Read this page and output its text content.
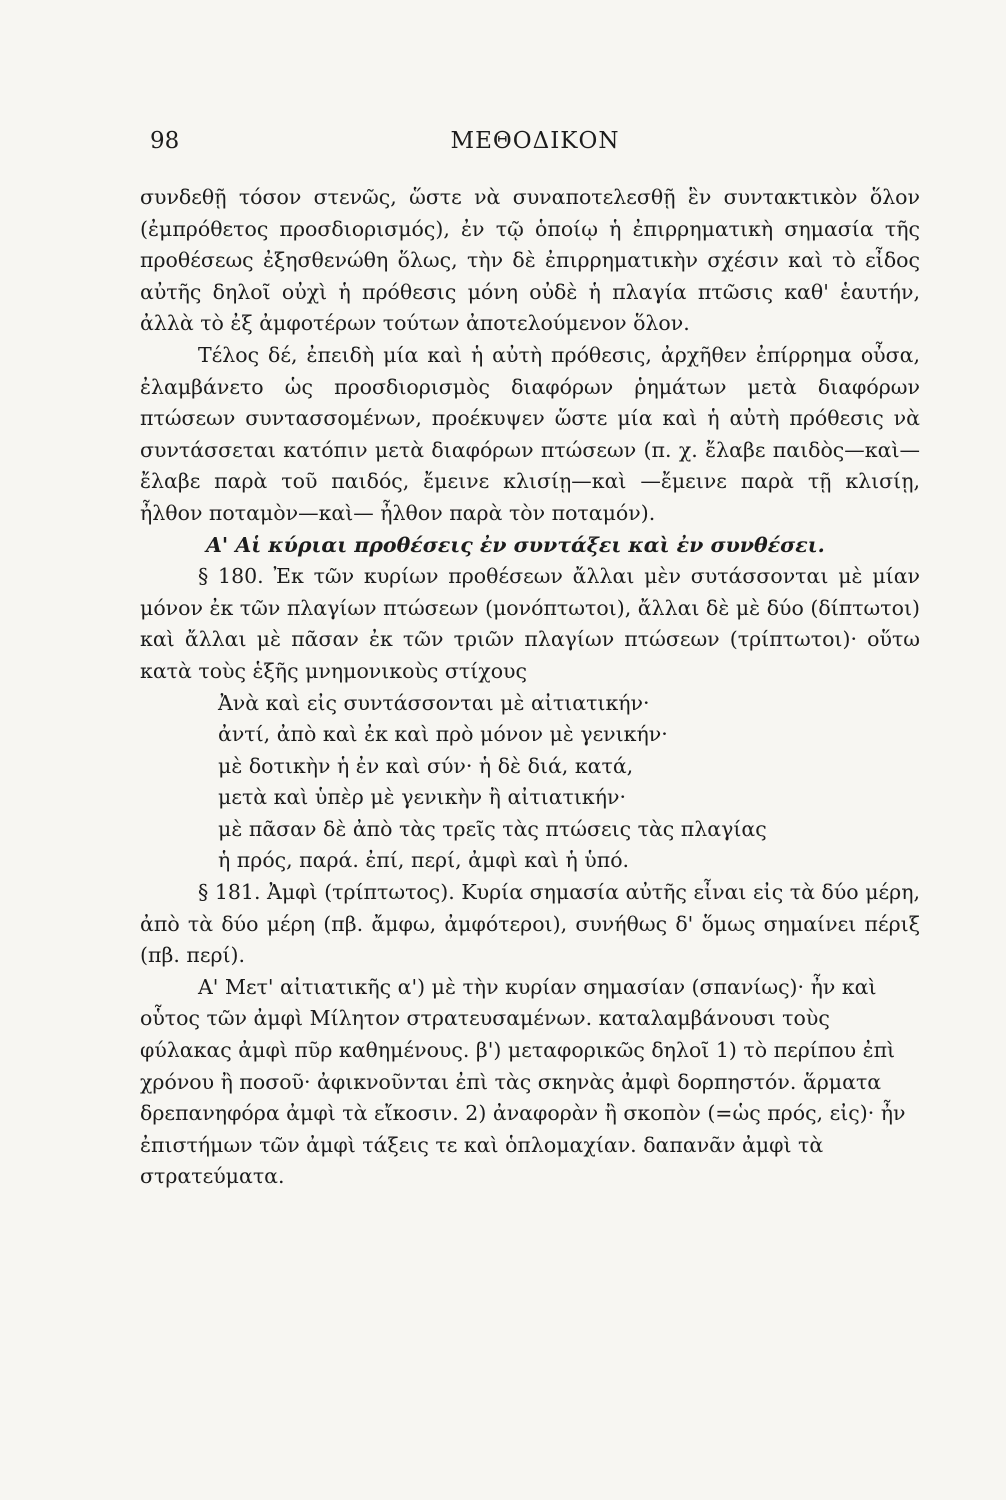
98	ΜΕΘΟΔΙΚΟΝ

συνδεθῇ τόσον στενῶς, ὥστε νὰ συναποτελεσθῇ ἓν συντακτικὸν ὅλον (ἐμπρόθετος προσδιορισμός), ἐν τῷ ὁποίῳ ἡ ἐπιρρηματικὴ σημασία τῆς προθέσεως ἐξησθενώθη ὅλως, τὴν δὲ ἐπιρρηματικὴν σχέσιν καὶ τὸ εἶδος αὐτῆς δηλοῖ οὐχὶ ἡ πρόθεσις μόνη οὐδὲ ἡ πλαγία πτῶσις καθ' ἑαυτήν, ἀλλὰ τὸ ἐξ ἀμφοτέρων τούτων ἀποτελούμενον ὅλον.

Τέλος δέ, ἐπειδὴ μία καὶ ἡ αὐτὴ πρόθεσις, ἀρχῆθεν ἐπίρρημα οὖσα, ἐλαμβάνετο ὡς προσδιορισμὸς διαφόρων ῥημάτων μετὰ διαφόρων πτώσεων συντασσομένων, προέκυψεν ὥστε μία καὶ ἡ αὐτὴ πρόθεσις νὰ συντάσσεται κατόπιν μετὰ διαφόρων πτώσεων (π. χ. ἔλαβε παιδὸς—καὶ—ἔλαβε παρὰ τοῦ παιδός, ἔμεινε κλισίῃ—καὶ —ἔμεινε παρὰ τῇ κλισίῃ, ἦλθον ποταμὸν—καὶ— ἦλθον παρὰ τὸν ποταμόν).

Α' Αἱ κύριαι προθέσεις ἐν συντάξει καὶ ἐν συνθέσει.

§ 180. Ἐκ τῶν κυρίων προθέσεων ἄλλαι μὲν συτάσσονται μὲ μίαν μόνον ἐκ τῶν πλαγίων πτώσεων (μονόπτωτοι), ἄλλαι δὲ μὲ δύο (δίπτωτοι) καὶ ἄλλαι μὲ πᾶσαν ἐκ τῶν τριῶν πλαγίων πτώσεων (τρίπτωτοι)· οὕτω κατὰ τοὺς ἑξῆς μνημονικοὺς στίχους

Ἀνὰ καὶ εἰς συντάσσονται μὲ αἰτιατικήν·

ἀντί, ἀπὸ καὶ ἐκ καὶ πρὸ μόνον μὲ γενικήν·

μὲ δοτικὴν ἡ ἐν καὶ σύν· ἡ δὲ διά, κατά,

μετὰ καὶ ὑπὲρ μὲ γενικὴν ἢ αἰτιατικήν·

μὲ πᾶσαν δὲ ἀπὸ τὰς τρεῖς τὰς πτώσεις τὰς πλαγίας

ἡ πρός, παρά. ἐπί, περί, ἀμφὶ καὶ ἡ ὑπό.

§ 181. Ἀμφὶ (τρίπτωτος). Κυρία σημασία αὐτῆς εἶναι εἰς τὰ δύο μέρη, ἀπὸ τὰ δύο μέρη (πβ. ἄμφω, ἀμφότεροι), συνήθως δ' ὅμως σημαίνει πέριξ (πβ. περί).

Α' Μετ' αἰτιατικῆς α') μὲ τὴν κυρίαν σημασίαν (σπανίως)· ἦν καὶ οὗτος τῶν ἀμφὶ Μίλητον στρατευσαμένων. καταλαμβάνουσι τοὺς φύλακας ἀμφὶ πῦρ καθημένους. β') μεταφορικῶς δηλοῖ 1) τὸ περίπου ἐπὶ χρόνου ἢ ποσοῦ· ἀφικνοῦνται ἐπὶ τὰς σκηνὰς ἀμφὶ δορπηστόν. ἅρματα δρεπανηφόρα ἀμφὶ τὰ εἴκοσιν. 2) ἀναφορὰν ἢ σκοπὸν (=ὡς πρός, εἰς)· ἦν ἐπιστήμων τῶν ἀμφὶ τάξεις τε καὶ ὁπλομαχίαν. δαπανᾶν ἀμφὶ τὰ στρατεύματα.
